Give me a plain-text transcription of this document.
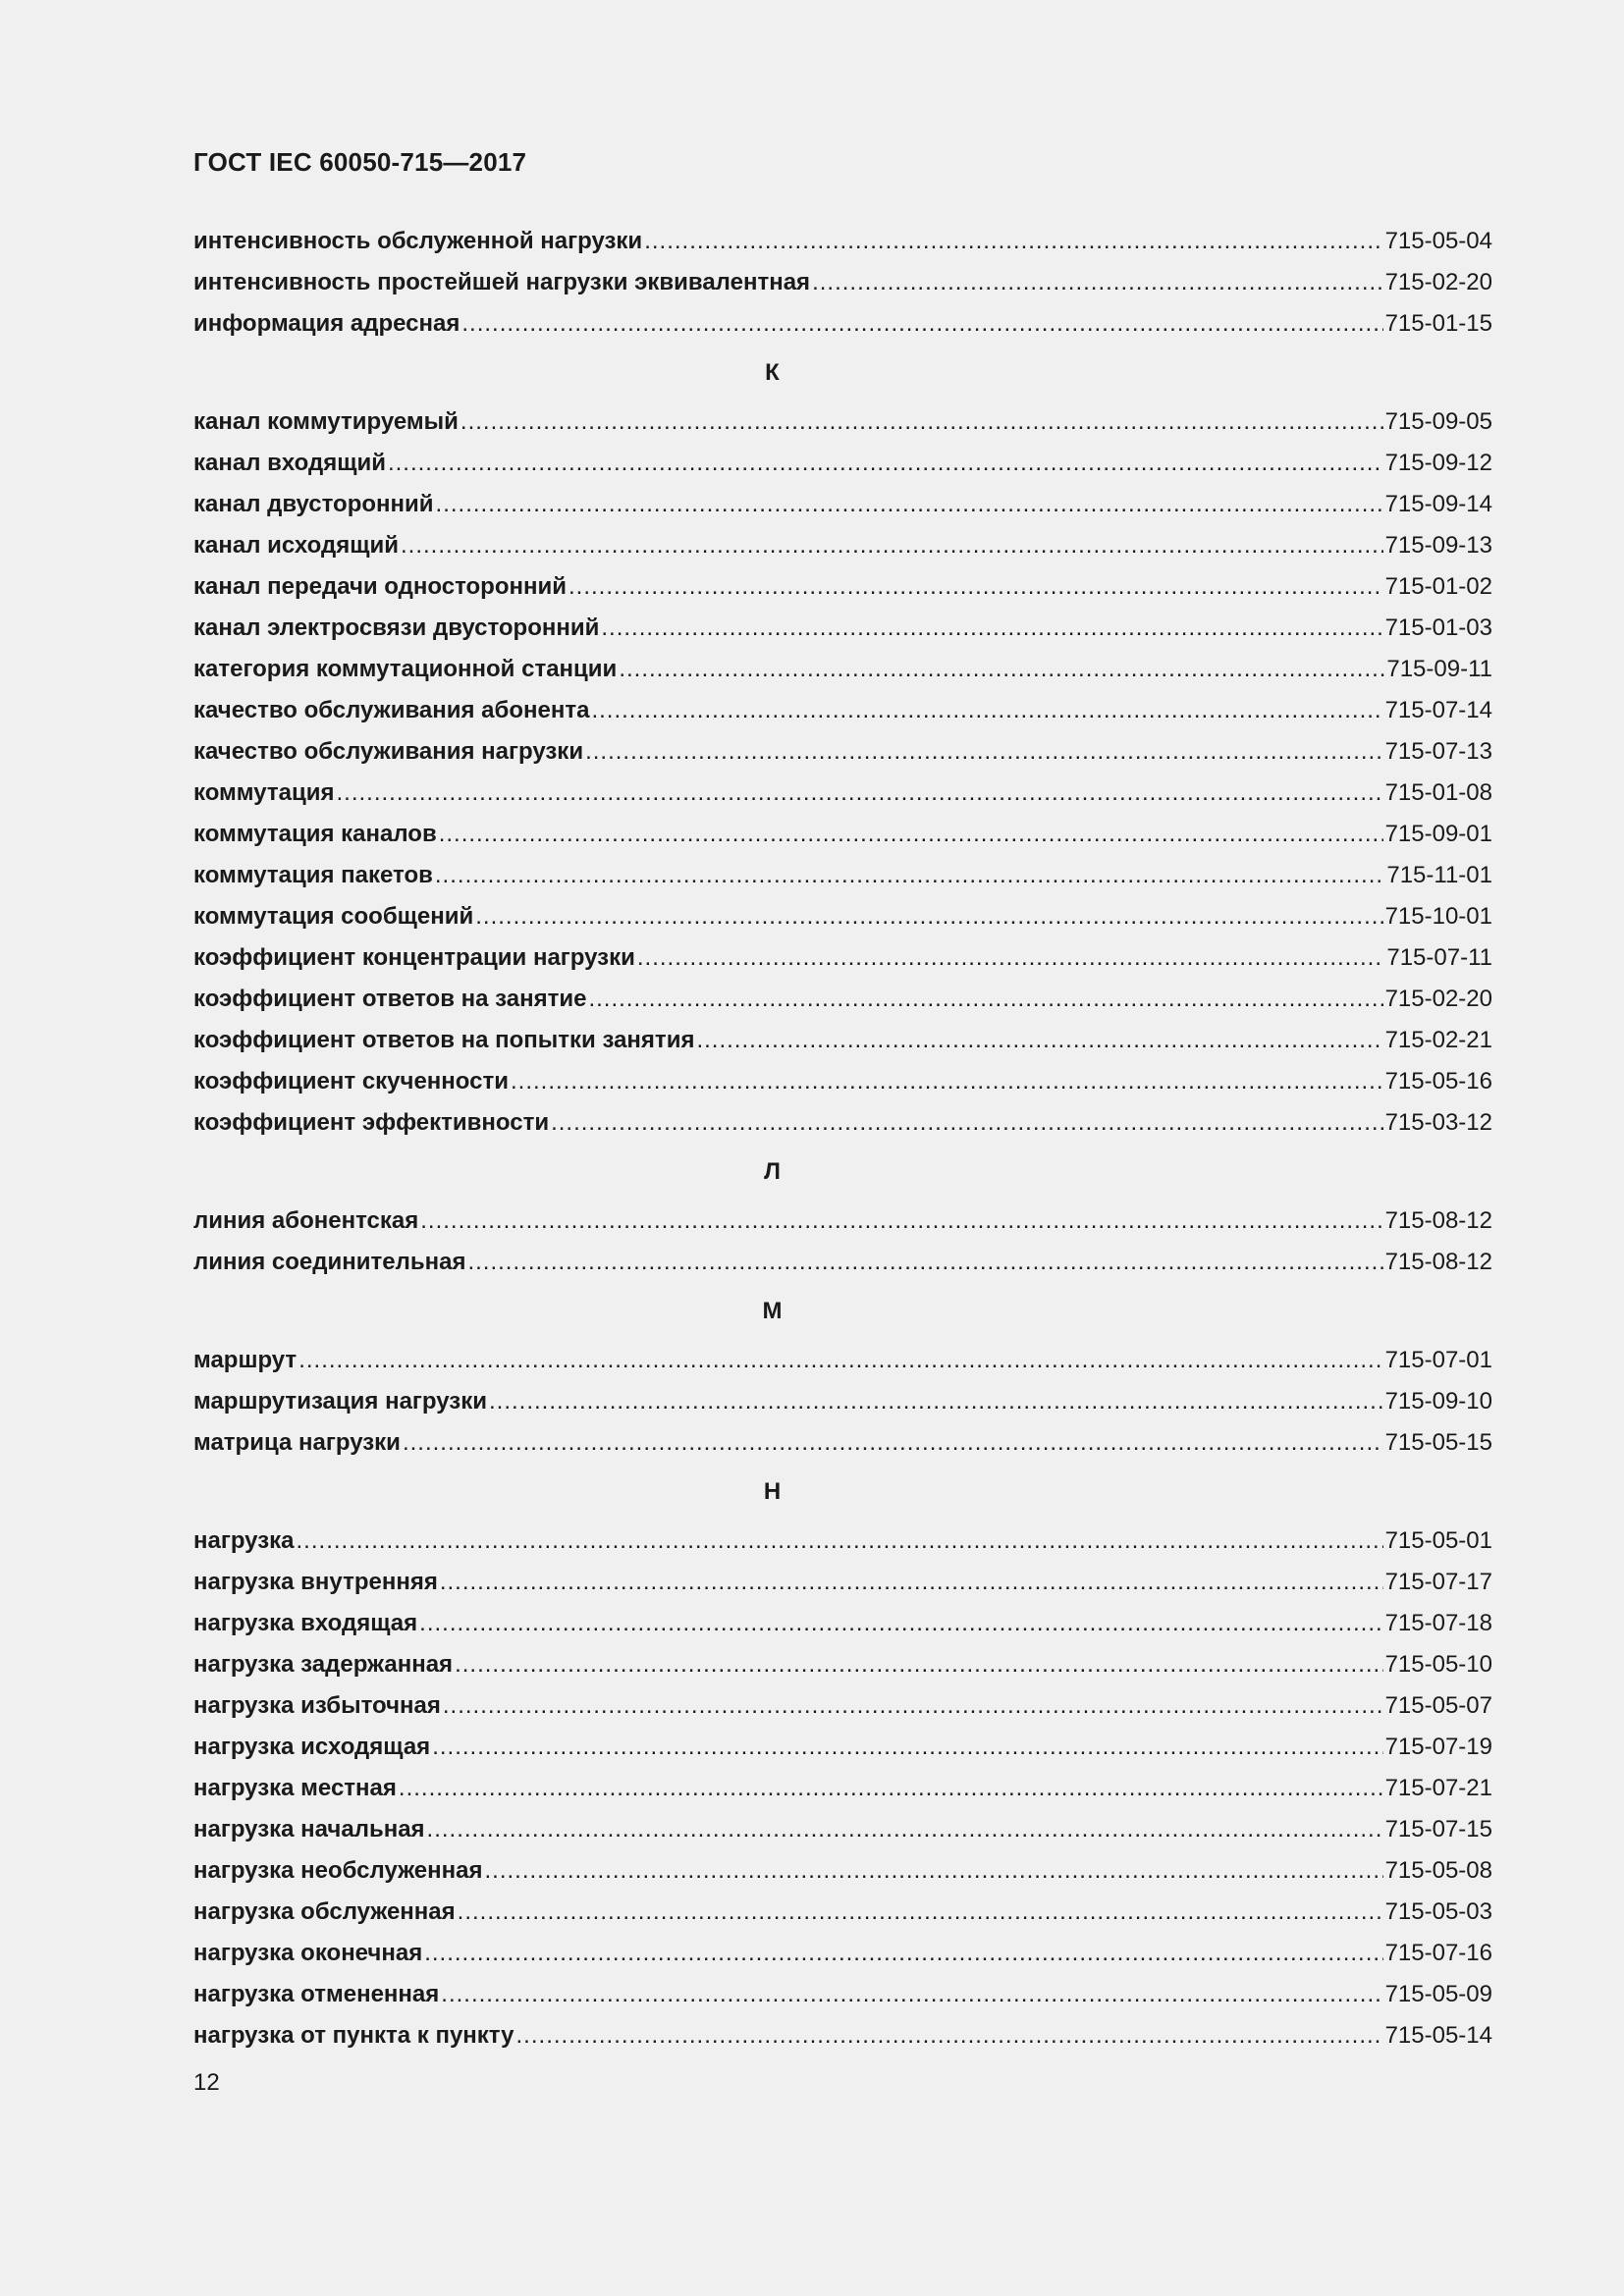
ГОСТ IEC 60050-715—2017
интенсивность обслуженной нагрузки .....	715-05-04
интенсивность простейшей нагрузки эквивалентная .....	715-02-20
информация адресная .....	715-01-15
К
канал коммутируемый .....	715-09-05
канал входящий .....	715-09-12
канал двусторонний .....	715-09-14
канал исходящий .....	715-09-13
канал передачи односторонний .....	715-01-02
канал электросвязи двусторонний .....	715-01-03
категория коммутационной станции .....	715-09-11
качество обслуживания абонента .....	715-07-14
качество обслуживания нагрузки .....	715-07-13
коммутация .....	715-01-08
коммутация каналов .....	715-09-01
коммутация пакетов .....	715-11-01
коммутация сообщений .....	715-10-01
коэффициент концентрации нагрузки .....	715-07-11
коэффициент ответов на занятие .....	715-02-20
коэффициент ответов на попытки занятия .....	715-02-21
коэффициент скученности .....	715-05-16
коэффициент эффективности .....	715-03-12
Л
линия абонентская .....	715-08-12
линия соединительная .....	715-08-12
М
маршрут .....	715-07-01
маршрутизация нагрузки .....	715-09-10
матрица нагрузки .....	715-05-15
Н
нагрузка .....	715-05-01
нагрузка внутренняя .....	715-07-17
нагрузка входящая .....	715-07-18
нагрузка задержанная .....	715-05-10
нагрузка избыточная .....	715-05-07
нагрузка исходящая .....	715-07-19
нагрузка местная .....	715-07-21
нагрузка начальная .....	715-07-15
нагрузка необслуженная .....	715-05-08
нагрузка обслуженная .....	715-05-03
нагрузка оконечная .....	715-07-16
нагрузка отмененная .....	715-05-09
нагрузка от пункта к пункту .....	715-05-14
12
